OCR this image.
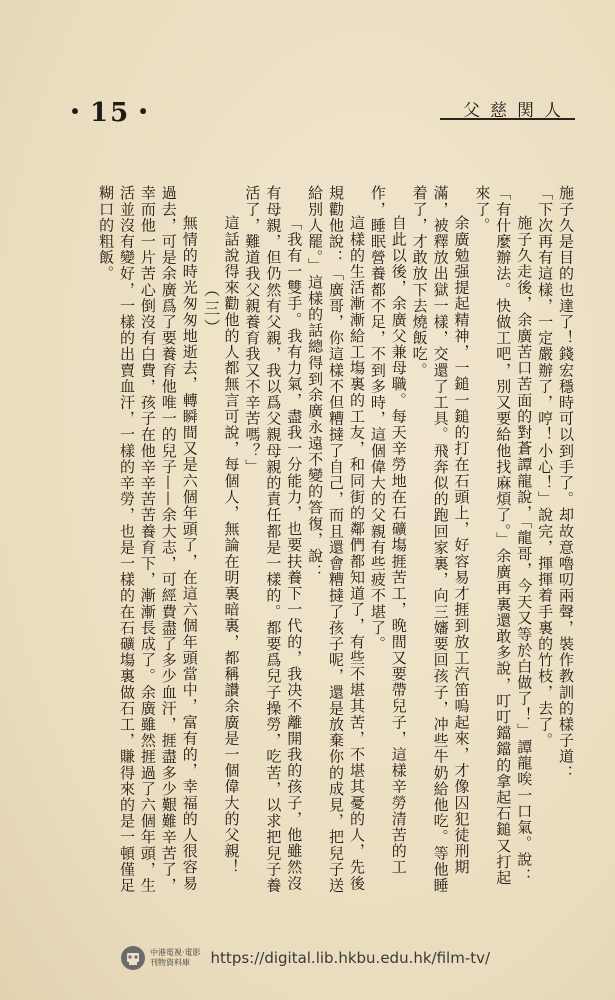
・15・	父慈関人

施子久是目的也達了！錢宏穩時可以到手了。却故意嚕叨兩聲，裝作教訓的樣子道：

「下次再有這樣，一定嚴辦了，哼！小心！」說完，揮揮着手裏的竹枝，去了。

施子久走後，余廣苦口苦面的對蒼譚龍說，「龍哥，今天又等於白做了！」譚龍唉一口氣。說：「有什麼辦法。快做工吧，別又要給他找麻煩了。」余廣再裏還敢多說，叮叮鐺鐺的拿起石鎚又打起來了。

余廣勉强提起精神，一鎚一鎚的打在石頭上，好容易才捱到放工汽笛嗚起來，才像囚犯徒刑期滿，被釋放出獄一樣，交還了工具。飛奔似的跑回家裏，向三嬸要回孩子，冲些牛奶給他吃。等他睡着了，才敢放下去燒飯吃。

自此以後，余廣父兼母職。每天辛勞地在石礦塲捱苦工，晚間又要帶兒子，這樣辛勞清苦的工作，睡眠營養都不足，不到多時，這個偉大的父親有些疲不堪了。

這樣的生活漸漸給工塲裏的工友，和同街的鄰們都知道了，有些不堪其苦，不堪其憂的人，先後規勸他說：「廣哥，你這樣不但糟撻了自己，而且還會糟撻了孩子呢，還是放棄你的成見，把兒子送給別人罷。」這樣的話總得到余廣永遠不變的答復，說：

「我有一雙手。我有力氣，盡我一分能力，也要扶養下一代的，我决不離開我的孩子，他雖然沒有母親，但仍然有父親，我以爲父親母親的責任都是一樣的。都要爲兒子操勞，吃苦，以求把兒子養活了，難道我父親養育我又不辛苦嗎？」

這話說得來勸他的人都無言可說，每個人，無論在明裏暗裏，都稱讚余廣是一個偉大的父親！

（三）

無情的時光匆匆地逝去，轉瞬間又是六個年頭了，在這六個年頭當中，富有的，幸福的人很容易過去，可是余廣爲了要養育他唯一的兒子——余大志，可經費盡了多少血汗，捱盡多少艱難辛苦了，幸而他一片苦心倒沒有白費，孩子在他辛辛苦苦養育下，漸漸長成了。余廣雖然捱過了六個年頭，生活並沒有變好，一樣的出賣血汗，一樣的辛勞，也是一樣的在石礦塲裏做石工，賺得來的是一頓僅足糊口的粗飯。

中港電視·電影
刊物資料庫	https://digital.lib.hkbu.edu.hk/film-tv/
